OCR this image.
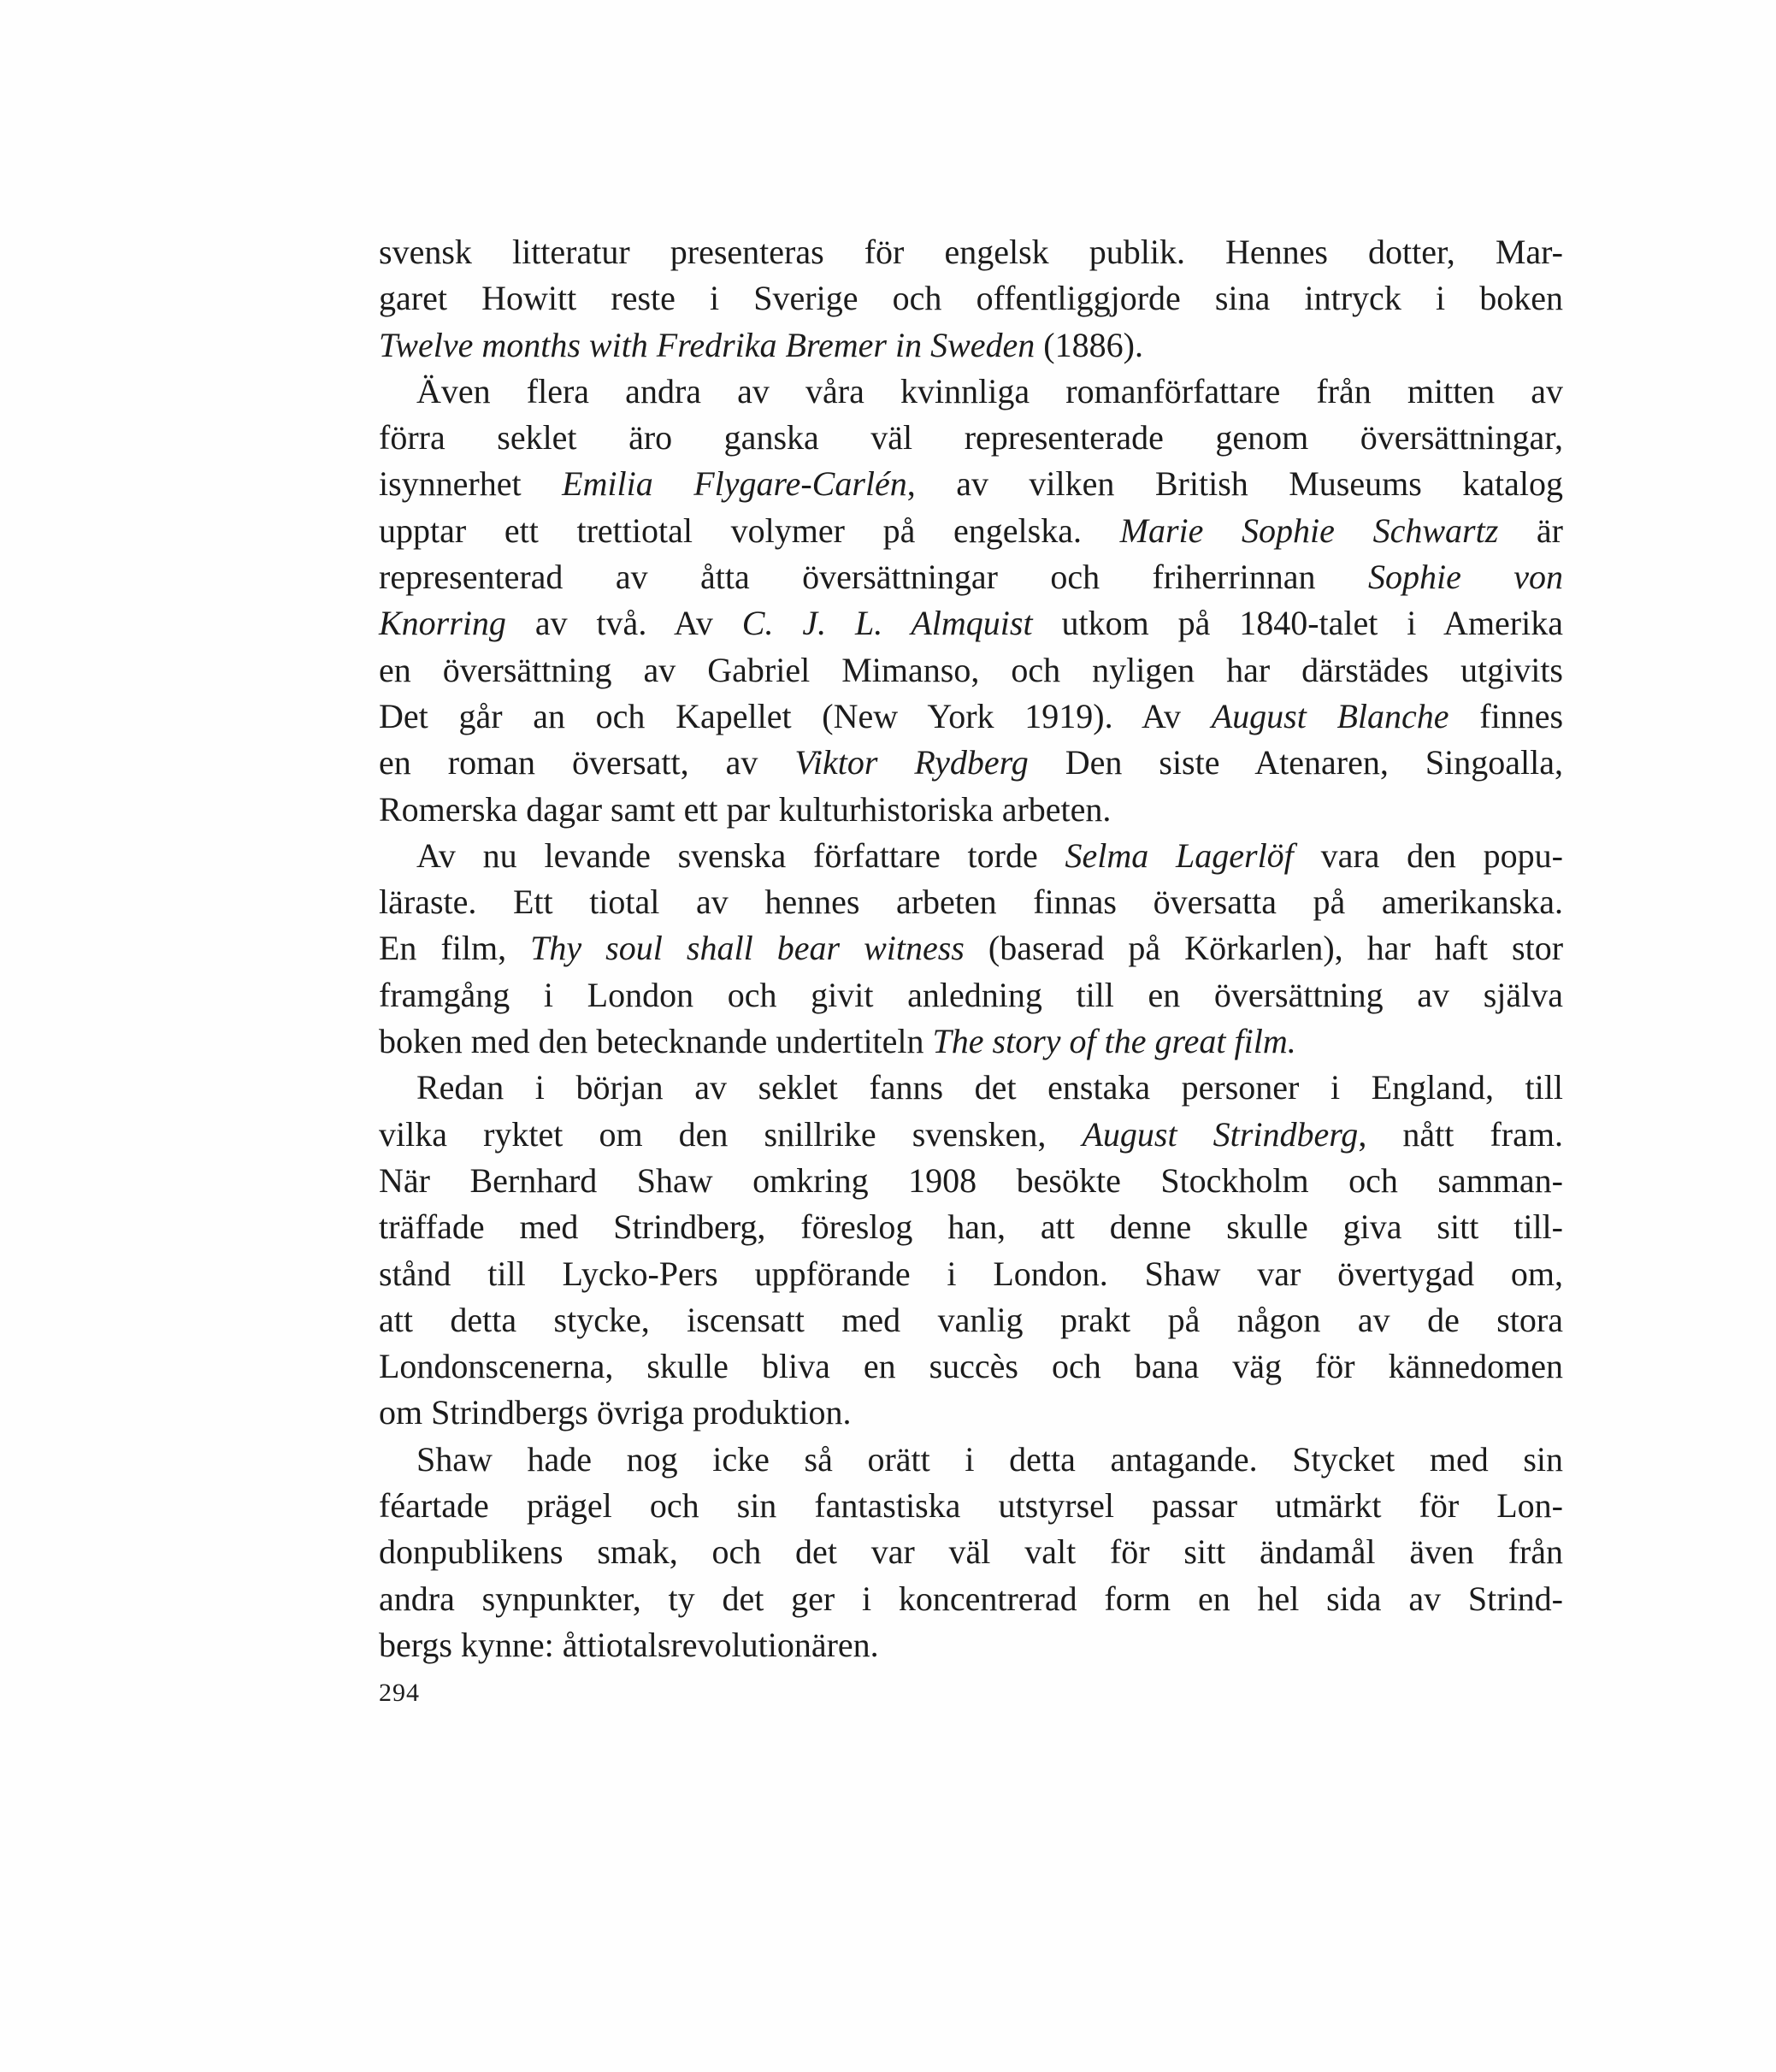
svensk litteratur presenteras för engelsk publik. Hennes dotter, Mar-
garet Howitt reste i Sverige och offentliggjorde sina intryck i boken
Twelve months with Fredrika Bremer in Sweden (1886).
Även flera andra av våra kvinnliga romanförfattare från mitten av
förra seklet äro ganska väl representerade genom översättningar,
isynnerhet Emilia Flygare-Carlén, av vilken British Museums katalog
upptar ett trettiotal volymer på engelska. Marie Sophie Schwartz är
representerad av åtta översättningar och friherrinnan Sophie von
Knorring av två. Av C. J. L. Almquist utkom på 1840-talet i Amerika
en översättning av Gabriel Mimanso, och nyligen har därstädes utgivits
Det går an och Kapellet (New York 1919). Av August Blanche finnes
en roman översatt, av Viktor Rydberg Den siste Atenaren, Singoalla,
Romerska dagar samt ett par kulturhistoriska arbeten.
Av nu levande svenska författare torde Selma Lagerlöf vara den popu-
läraste. Ett tiotal av hennes arbeten finnas översatta på amerikanska.
En film, Thy soul shall bear witness (baserad på Körkarlen), har haft stor
framgång i London och givit anledning till en översättning av själva
boken med den betecknande undertiteln The story of the great film.
Redan i början av seklet fanns det enstaka personer i England, till
vilka ryktet om den snillrike svensken, August Strindberg, nått fram.
När Bernhard Shaw omkring 1908 besökte Stockholm och samman-
träffade med Strindberg, föreslog han, att denne skulle giva sitt till-
stånd till Lycko-Pers uppförande i London. Shaw var övertygad om,
att detta stycke, iscensatt med vanlig prakt på någon av de stora
Londonscenerna, skulle bliva en succès och bana väg för kännedomen
om Strindbergs övriga produktion.
Shaw hade nog icke så orätt i detta antagande. Stycket med sin
féartade prägel och sin fantastiska utstyrsel passar utmärkt för Lon-
donpublikens smak, och det var väl valt för sitt ändamål även från
andra synpunkter, ty det ger i koncentrerad form en hel sida av Strind-
bergs kynne: åttiotalsrevolutionären.
294
